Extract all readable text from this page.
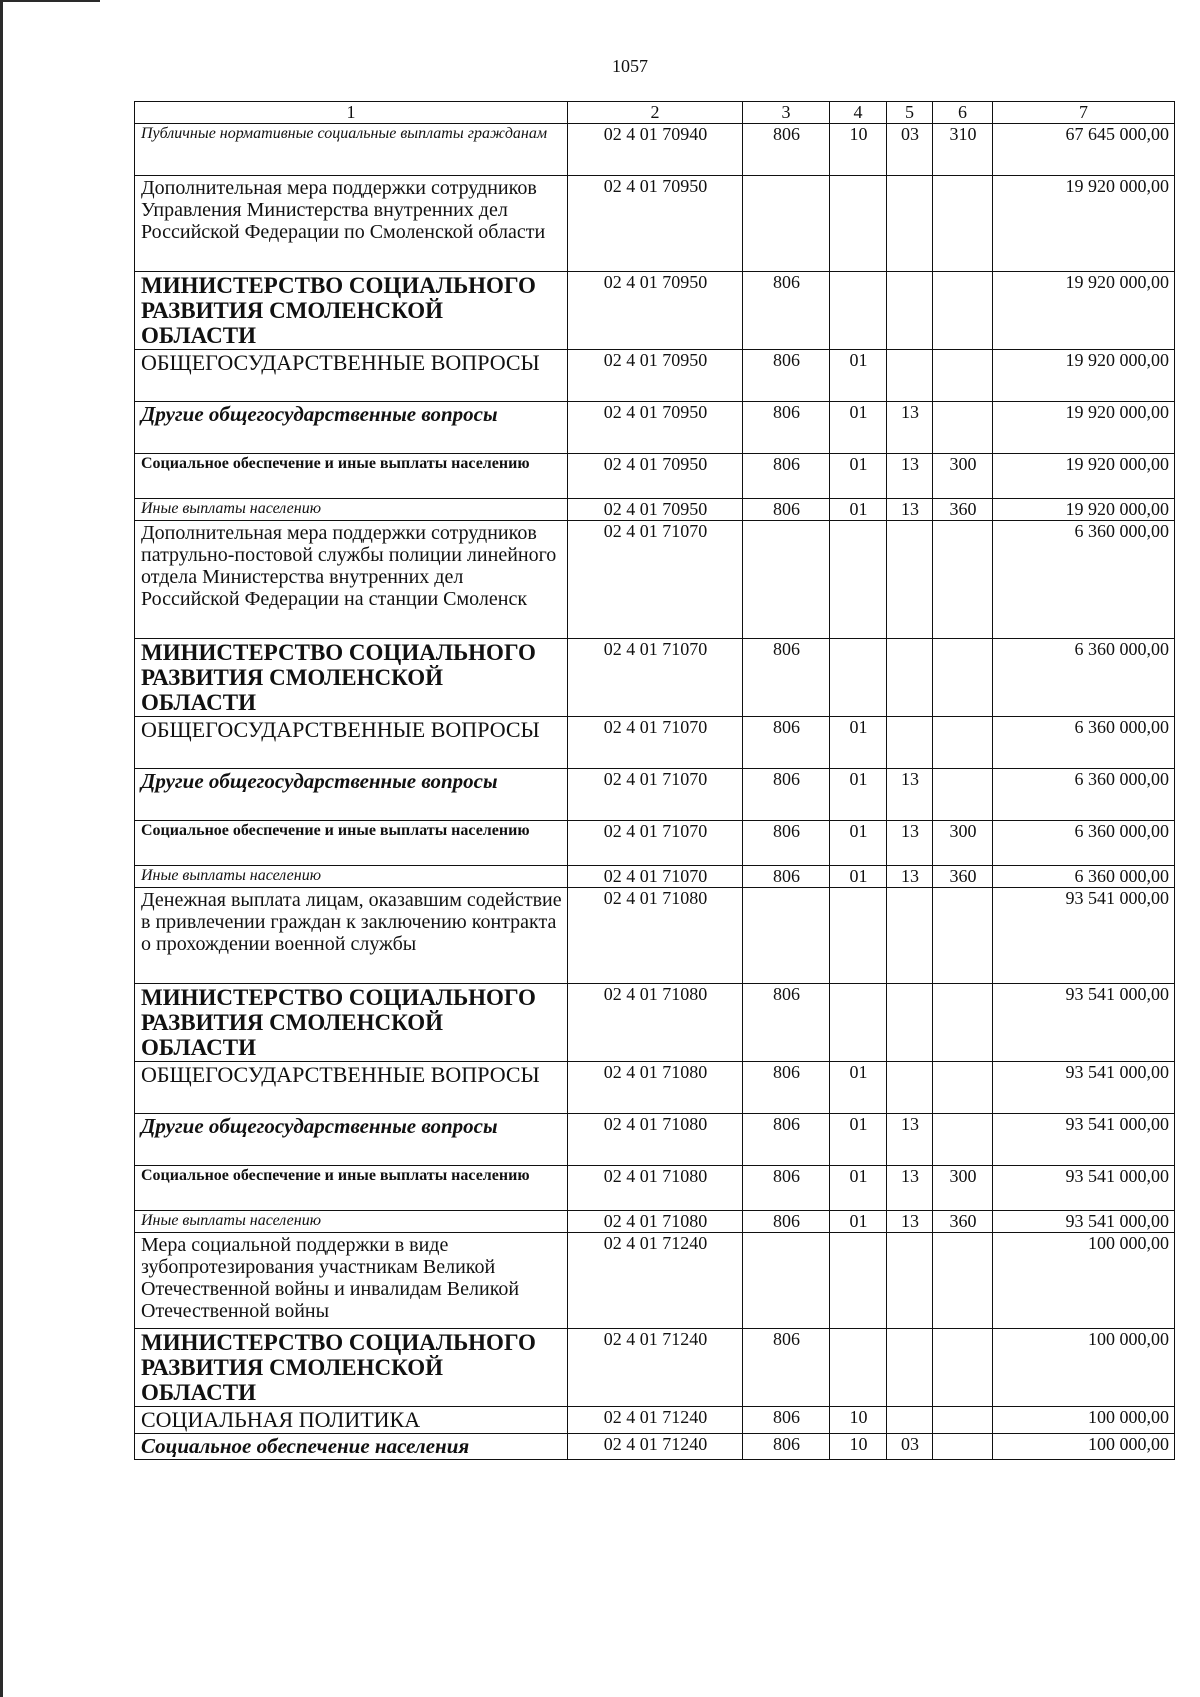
1057
1	2	3	4	5	6	7
Публичные нормативные социальные выплаты гражданам	02 4 01 70940	806	10	03	310	67 645 000,00
Дополнительная мера поддержки сотрудников Управления Министерства внутренних дел Российской Федерации по Смоленской области	02 4 01 70950					19 920 000,00
МИНИСТЕРСТВО СОЦИАЛЬНОГО РАЗВИТИЯ СМОЛЕНСКОЙ ОБЛАСТИ	02 4 01 70950	806				19 920 000,00
ОБЩЕГОСУДАРСТВЕННЫЕ ВОПРОСЫ	02 4 01 70950	806	01			19 920 000,00
Другие общегосударственные вопросы	02 4 01 70950	806	01	13		19 920 000,00
Социальное обеспечение и иные выплаты населению	02 4 01 70950	806	01	13	300	19 920 000,00
Иные выплаты населению	02 4 01 70950	806	01	13	360	19 920 000,00
Дополнительная мера поддержки сотрудников патрульно-постовой службы полиции линейного отдела Министерства внутренних дел Российской Федерации на станции Смоленск	02 4 01 71070					6 360 000,00
МИНИСТЕРСТВО СОЦИАЛЬНОГО РАЗВИТИЯ СМОЛЕНСКОЙ ОБЛАСТИ	02 4 01 71070	806				6 360 000,00
ОБЩЕГОСУДАРСТВЕННЫЕ ВОПРОСЫ	02 4 01 71070	806	01			6 360 000,00
Другие общегосударственные вопросы	02 4 01 71070	806	01	13		6 360 000,00
Социальное обеспечение и иные выплаты населению	02 4 01 71070	806	01	13	300	6 360 000,00
Иные выплаты населению	02 4 01 71070	806	01	13	360	6 360 000,00
Денежная выплата лицам, оказавшим содействие в привлечении граждан к заключению контракта о прохождении военной службы	02 4 01 71080					93 541 000,00
МИНИСТЕРСТВО СОЦИАЛЬНОГО РАЗВИТИЯ СМОЛЕНСКОЙ ОБЛАСТИ	02 4 01 71080	806				93 541 000,00
ОБЩЕГОСУДАРСТВЕННЫЕ ВОПРОСЫ	02 4 01 71080	806	01			93 541 000,00
Другие общегосударственные вопросы	02 4 01 71080	806	01	13		93 541 000,00
Социальное обеспечение и иные выплаты населению	02 4 01 71080	806	01	13	300	93 541 000,00
Иные выплаты населению	02 4 01 71080	806	01	13	360	93 541 000,00
Мера социальной поддержки в виде зубопротезирования участникам Великой Отечественной войны и инвалидам Великой Отечественной войны	02 4 01 71240					100 000,00
МИНИСТЕРСТВО СОЦИАЛЬНОГО РАЗВИТИЯ СМОЛЕНСКОЙ ОБЛАСТИ	02 4 01 71240	806				100 000,00
СОЦИАЛЬНАЯ ПОЛИТИКА	02 4 01 71240	806	10			100 000,00
Социальное обеспечение населения	02 4 01 71240	806	10	03		100 000,00
